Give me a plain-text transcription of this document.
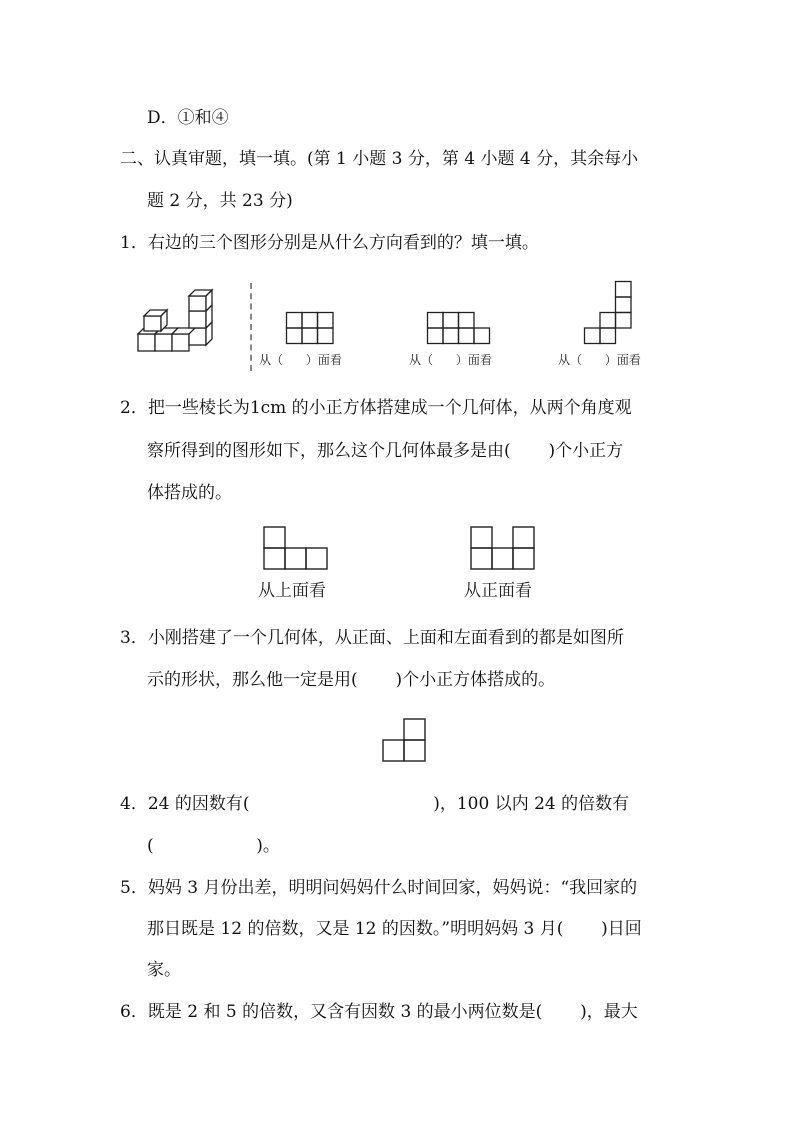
D．①和④
二、认真审题，填一填。(第 1 小题 3 分，第 4 小题 4 分，其余每小
题 2 分，共 23 分)
1．右边的三个图形分别是从什么方向看到的？填一填。
从（      ）面看	从（      ）面看	从（      ）面看
2．把一些棱长为1cm 的小正方体搭建成一个几何体，从两个角度观
察所得到的图形如下，那么这个几何体最多是由(       )个小正方
体搭成的。
从上面看	从正面看
3．小刚搭建了一个几何体，从正面、上面和左面看到的都是如图所
示的形状，那么他一定是用(       )个小正方体搭成的。
4．24 的因数有(                                  )，100 以内 24 的倍数有
(                   )。
5．妈妈 3 月份出差，明明问妈妈什么时间回家，妈妈说：“我回家的
那日既是 12 的倍数，又是 12 的因数。”明明妈妈 3 月(       )日回
家。
6．既是 2 和 5 的倍数，又含有因数 3 的最小两位数是(       )，最大
